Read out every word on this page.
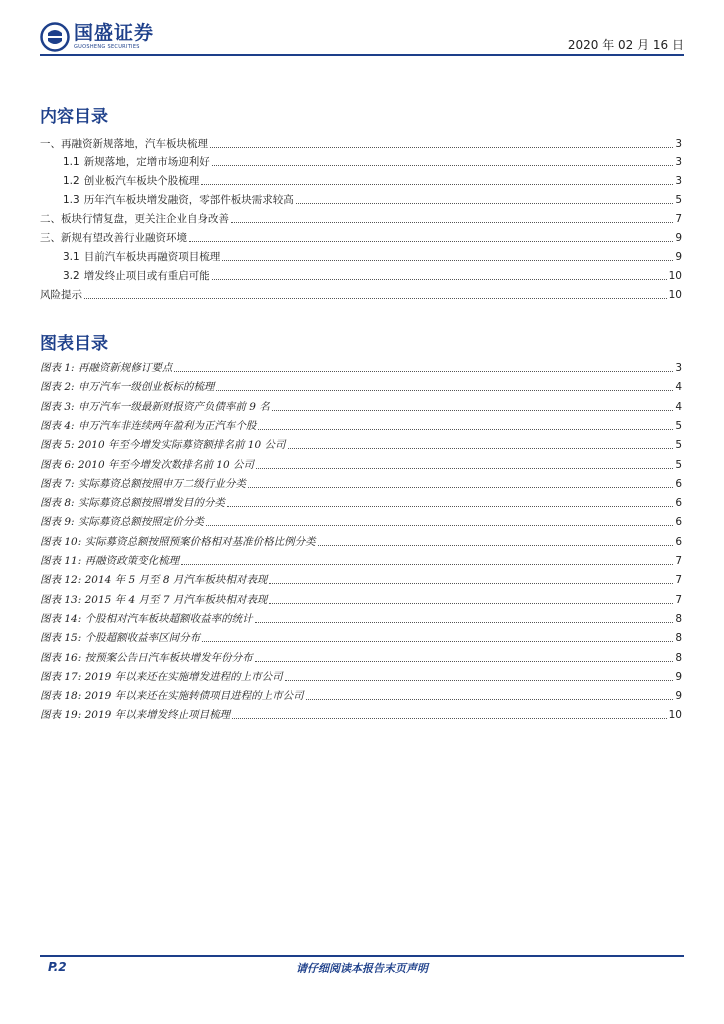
国盛证券
GUOSHENG SECURITIES	2020 年 02 月 16 日
内容目录
一、再融资新规落地，汽车板块梳理	3
1.1 新规落地，定增市场迎利好	3
1.2 创业板汽车板块个股梳理	3
1.3 历年汽车板块增发融资，零部件板块需求较高	5
二、板块行情复盘，更关注企业自身改善	7
三、新规有望改善行业融资环境	9
3.1 目前汽车板块再融资项目梳理	9
3.2 增发终止项目或有重启可能	10
风险提示	10
图表目录
图表 1: 再融资新规修订要点	3
图表 2: 申万汽车一级创业板标的梳理	4
图表 3: 申万汽车一级最新财报资产负债率前 9 名	4
图表 4: 申万汽车非连续两年盈利为正汽车个股	5
图表 5: 2010 年至今增发实际募资额排名前 10 公司	5
图表 6: 2010 年至今增发次数排名前 10 公司	5
图表 7: 实际募资总额按照申万二级行业分类	6
图表 8: 实际募资总额按照增发目的分类	6
图表 9: 实际募资总额按照定价分类	6
图表 10: 实际募资总额按照预案价格相对基准价格比例分类	6
图表 11: 再融资政策变化梳理	7
图表 12: 2014 年 5 月至 8 月汽车板块相对表现	7
图表 13: 2015 年 4 月至 7 月汽车板块相对表现	7
图表 14: 个股相对汽车板块超额收益率的统计	8
图表 15: 个股超额收益率区间分布	8
图表 16: 按预案公告日汽车板块增发年份分布	8
图表 17: 2019 年以来还在实施增发进程的上市公司	9
图表 18: 2019 年以来还在实施转债项目进程的上市公司	9
图表 19: 2019 年以来增发终止项目梳理	10
P.2	请仔细阅读本报告末页声明
